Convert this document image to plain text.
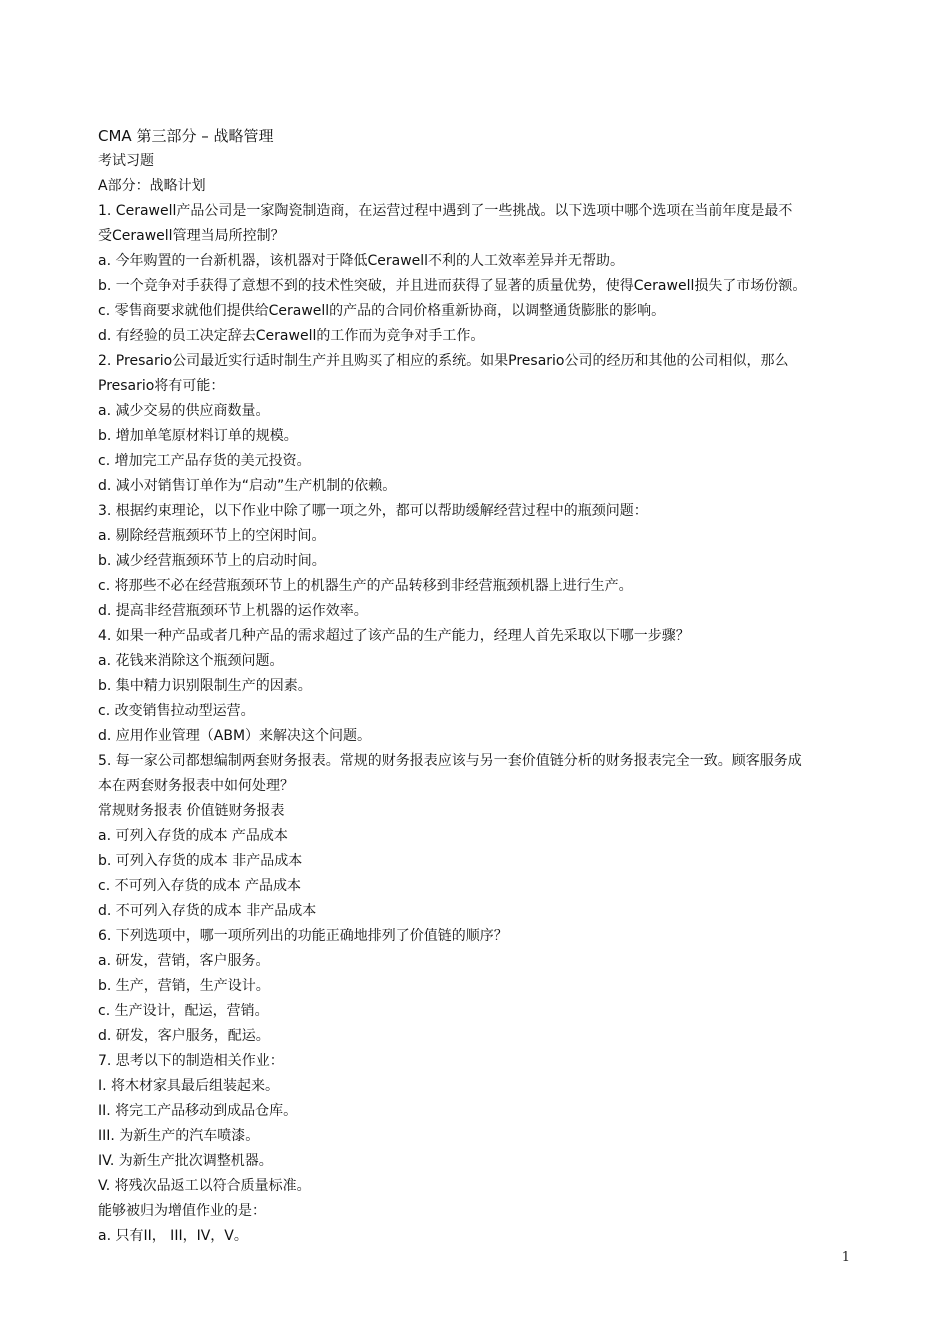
CMA 第三部分 – 战略管理
考试习题
A部分：战略计划
1. Cerawell产品公司是一家陶瓷制造商，在运营过程中遇到了一些挑战。以下选项中哪个选项在当前年度是最不
受Cerawell管理当局所控制？
a. 今年购置的一台新机器，该机器对于降低Cerawell不利的人工效率差异并无帮助。
b. 一个竞争对手获得了意想不到的技术性突破，并且进而获得了显著的质量优势，使得Cerawell损失了市场份额。
c. 零售商要求就他们提供给Cerawell的产品的合同价格重新协商，以调整通货膨胀的影响。
d. 有经验的员工决定辞去Cerawell的工作而为竞争对手工作。
2. Presario公司最近实行适时制生产并且购买了相应的系统。如果Presario公司的经历和其他的公司相似，那么
Presario将有可能：
a. 减少交易的供应商数量。
b. 增加单笔原材料订单的规模。
c. 增加完工产品存货的美元投资。
d. 减小对销售订单作为“启动”生产机制的依赖。
3. 根据约束理论，以下作业中除了哪一项之外，都可以帮助缓解经营过程中的瓶颈问题：
a. 剔除经营瓶颈环节上的空闲时间。
b. 减少经营瓶颈环节上的启动时间。
c. 将那些不必在经营瓶颈环节上的机器生产的产品转移到非经营瓶颈机器上进行生产。
d. 提高非经营瓶颈环节上机器的运作效率。
4. 如果一种产品或者几种产品的需求超过了该产品的生产能力，经理人首先采取以下哪一步骤？
a. 花钱来消除这个瓶颈问题。
b. 集中精力识别限制生产的因素。
c. 改变销售拉动型运营。
d. 应用作业管理（ABM）来解决这个问题。
5. 每一家公司都想编制两套财务报表。常规的财务报表应该与另一套价值链分析的财务报表完全一致。顾客服务成
本在两套财务报表中如何处理？
常规财务报表 价值链财务报表
a. 可列入存货的成本 产品成本
b. 可列入存货的成本 非产品成本
c. 不可列入存货的成本 产品成本
d. 不可列入存货的成本 非产品成本
6. 下列选项中，哪一项所列出的功能正确地排列了价值链的顺序？
a. 研发，营销，客户服务。
b. 生产，营销，生产设计。
c. 生产设计，配运，营销。
d. 研发，客户服务，配运。
7. 思考以下的制造相关作业：
I. 将木材家具最后组装起来。
II. 将完工产品移动到成品仓库。
III. 为新生产的汽车喷漆。
IV. 为新生产批次调整机器。
V. 将残次品返工以符合质量标准。
能够被归为增值作业的是：
a. 只有II， III，IV，V。
1
